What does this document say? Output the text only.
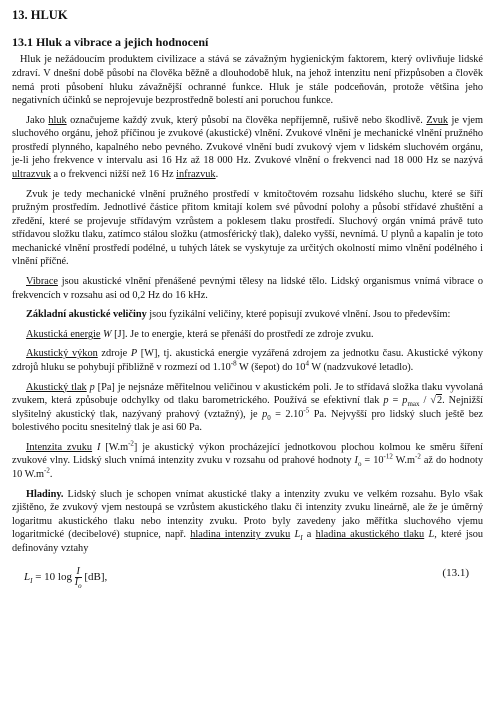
13. HLUK
13.1 Hluk a vibrace a jejich hodnocení

Hluk je nežádoucím produktem civilizace a stává se závažným hygienickým faktorem, který ovlivňuje lidské zdraví. V dnešní době působí na člověka běžně a dlouhodobě hluk, na jehož intenzitu není přizpůsoben a člověk nemá proti působení hluku závažnější ochranné funkce. Hluk je stále podceňován, protože většina jeho negativních účinků se neprojevuje bezprostředně bolestí ani poruchou funkce.

Jako hluk označujeme každý zvuk, který působí na člověka nepříjemně, rušivě nebo škodlivě. Zvuk je vjem sluchového orgánu, jehož příčinou je zvukové (akustické) vlnění. Zvukové vlnění je mechanické vlnění pružného prostředí plynného, kapalného nebo pevného. Zvukové vlnění budí zvukový vjem v lidském sluchovém orgánu, je-li jeho frekvence v intervalu asi 16 Hz až 18 000 Hz. Zvukové vlnění o frekvenci nad 18 000 Hz se nazývá ultrazvuk a o frekvenci nižší než 16 Hz infrazvuk.

Zvuk je tedy mechanické vlnění pružného prostředí v kmitočtovém rozsahu lidského sluchu, které se šíří pružným prostředím. Jednotlivé částice přitom kmitají kolem své původní polohy a působí střídavé zhuštění a zředění, které se projevuje střídavým vzrůstem a poklesem tlaku prostředí. Sluchový orgán vnímá právě tuto střídavou složku tlaku, zatímco stálou složku (atmosférický tlak), daleko vyšší, nevnímá. U plynů a kapalin je toto mechanické vlnění prostředí podélné, u tuhých látek se vyskytuje za určitých okolností mimo vlnění podélného i vlnění příčné.

Vibrace jsou akustické vlnění přenášené pevnými tělesy na lidské tělo. Lidský organismus vnímá vibrace o frekvencích v rozsahu asi od 0,2 Hz do 16 kHz.

Základní akustické veličiny jsou fyzikální veličiny, které popisují zvukové vlnění. Jsou to především:

Akustická energie W [J]. Je to energie, která se přenáší do prostředí ze zdroje zvuku.

Akustický výkon zdroje P [W], tj. akustická energie vyzářená zdrojem za jednotku času. Akustické výkony zdrojů hluku se pohybují přibližně v rozmezí od $1.10^{-8}$ W (šepot) do $10^4$ W (nadzvukové letadlo).

Akustický tlak p [Pa] je nejsnáze měřitelnou veličinou v akustickém poli. Je to střídavá složka tlaku vyvolaná zvukem, která způsobuje odchylky od tlaku barometrického. Používá se efektivní tlak $p = p_{max} / √2$. Nejnižší slyšitelný akustický tlak, nazývaný prahový (vztažný), je $p_0 = 2.10^{-5}$ Pa. Nejvyšší pro lidský sluch ještě bez bolestivého pocitu snesitelný tlak je asi 60 Pa.

Intenzita zvuku I $[W.m^{-2}]$ je akustický výkon procházející jednotkovou plochou kolmou ke směru šíření zvukové vlny. Lidský sluch vnímá intenzity zvuku v rozsahu od prahové hodnoty $I_o = 10^{-12}$ $W.m^{-2}$ až do hodnoty 10 $W.m^{-2}$.

Hladiny. Lidský sluch je schopen vnímat akustické tlaky a intenzity zvuku ve velkém rozsahu. Bylo však zjištěno, že zvukový vjem nestoupá se vzrůstem akustického tlaku či intenzity zvuku lineárně, ale že je úměrný logaritmu akustického tlaku nebo intenzity zvuku. Proto byly zavedeny jako měřítka sluchového vjemu logaritmické (decibelové) stupnice, např. hladina intenzity zvuku $L_I$ a hladina akustického tlaku L, které jsou definovány vztahy

$L_I = 10$ $\log \frac{I}{I_o} [dB]$,	(13.1)
